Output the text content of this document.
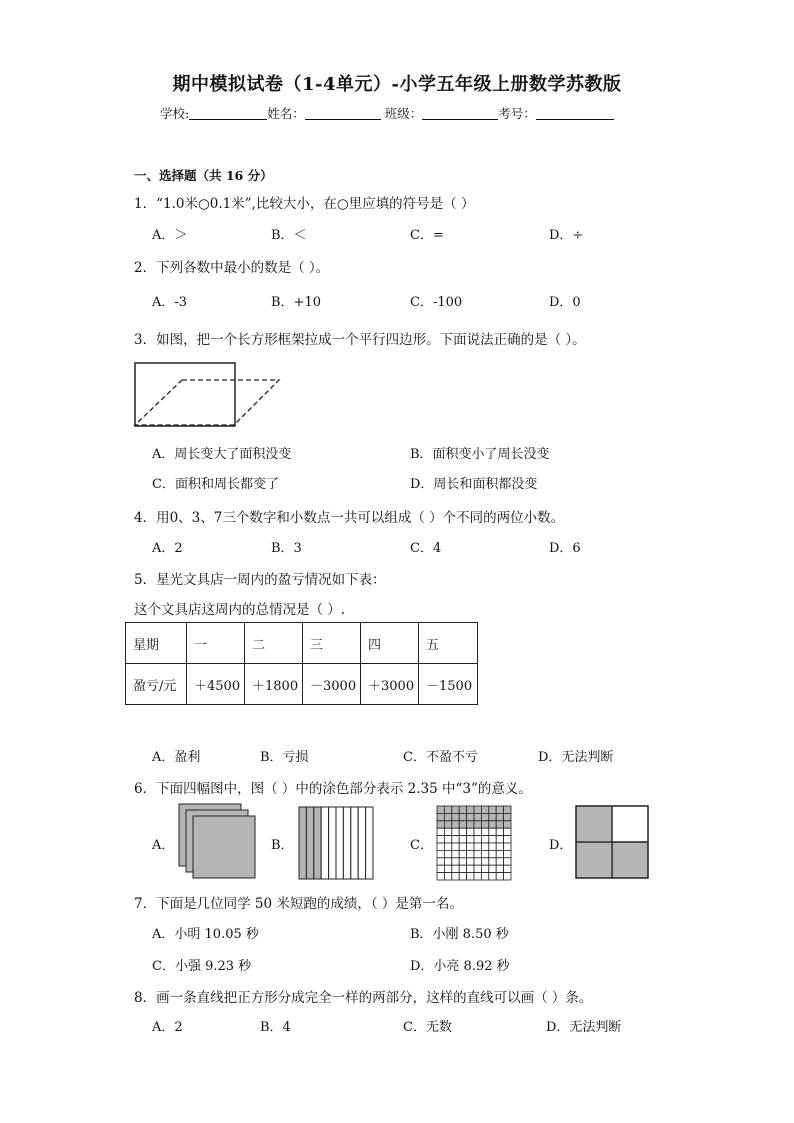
期中模拟试卷（1-4单元）-小学五年级上册数学苏教版
学校:	姓名：	班级：	考号：
一、选择题（共 16 分）
1．“1.0米○0.1米”,比较大小，在○里应填的符号是（ ）
A．＞	B．＜	C．=	D．÷
2．下列各数中最小的数是（ ）。
A．-3	B．+10	C．-100	D．0
3．如图，把一个长方形框架拉成一个平行四边形。下面说法正确的是（ ）。
A．周长变大了面积没变	B．面积变小了周长没变
C．面积和周长都变了	D．周长和面积都没变
4．用0、3、7三个数字和小数点一共可以组成（ ）个不同的两位小数。
A．2	B．3	C．4	D．6
5．星光文具店一周内的盈亏情况如下表：
这个文具店这周内的总情况是（ ）.
星期	一	二	三	四	五
盈亏/元	＋4500	＋1800	－3000	＋3000	－1500
A．盈利	B．亏损	C．不盈不亏	D．无法判断
6．下面四幅图中，图（ ）中的涂色部分表示 2.35 中“3”的意义。
A．	B．	C．	D．
7．下面是几位同学 50 米短跑的成绩，（ ）是第一名。
A．小明 10.05 秒	B．小刚 8.50 秒
C．小强 9.23 秒	D．小亮 8.92 秒
8．画一条直线把正方形分成完全一样的两部分，这样的直线可以画（ ）条。
A．2	B．4	C．无数	D．无法判断
